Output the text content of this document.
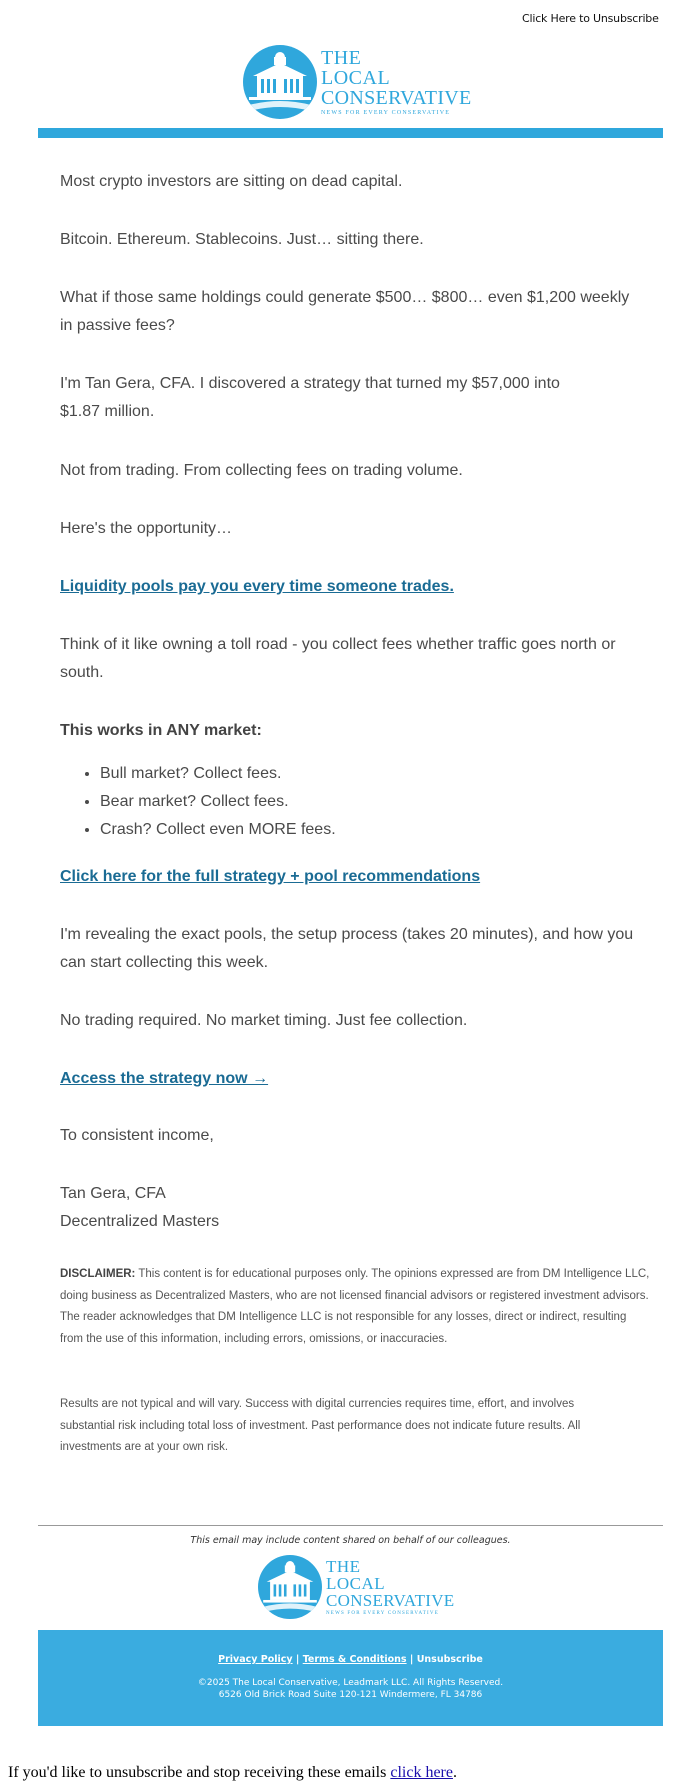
Click Here to Unsubscribe
THE
LOCAL
CONSERVATIVE
NEWS FOR EVERY CONSERVATIVE

Most crypto investors are sitting on dead capital.

Bitcoin. Ethereum. Stablecoins. Just… sitting there.

What if those same holdings could generate $500… $800… even $1,200 weekly in passive fees?

I'm Tan Gera, CFA. I discovered a strategy that turned my $57,000 into $1.87 million.

Not from trading. From collecting fees on trading volume.

Here's the opportunity…

Liquidity pools pay you every time someone trades.

Think of it like owning a toll road - you collect fees whether traffic goes north or south.

This works in ANY market:

• Bull market? Collect fees.
• Bear market? Collect fees.
• Crash? Collect even MORE fees.

Click here for the full strategy + pool recommendations

I'm revealing the exact pools, the setup process (takes 20 minutes), and how you can start collecting this week.

No trading required. No market timing. Just fee collection.

Access the strategy now →

To consistent income,

Tan Gera, CFA

Decentralized Masters

DISCLAIMER: This content is for educational purposes only. The opinions expressed are from DM Intelligence LLC, doing business as Decentralized Masters, who are not licensed financial advisors or registered investment advisors. The reader acknowledges that DM Intelligence LLC is not responsible for any losses, direct or indirect, resulting from the use of this information, including errors, omissions, or inaccuracies.

Results are not typical and will vary. Success with digital currencies requires time, effort, and involves substantial risk including total loss of investment. Past performance does not indicate future results. All investments are at your own risk.

This email may include content shared on behalf of our colleagues.
THE
LOCAL
CONSERVATIVE
NEWS FOR EVERY CONSERVATIVE
Privacy Policy | Terms & Conditions | Unsubscribe
©2025 The Local Conservative, Leadmark LLC. All Rights Reserved.
6526 Old Brick Road Suite 120-121 Windermere, FL 34786
If you'd like to unsubscribe and stop receiving these emails click here.
